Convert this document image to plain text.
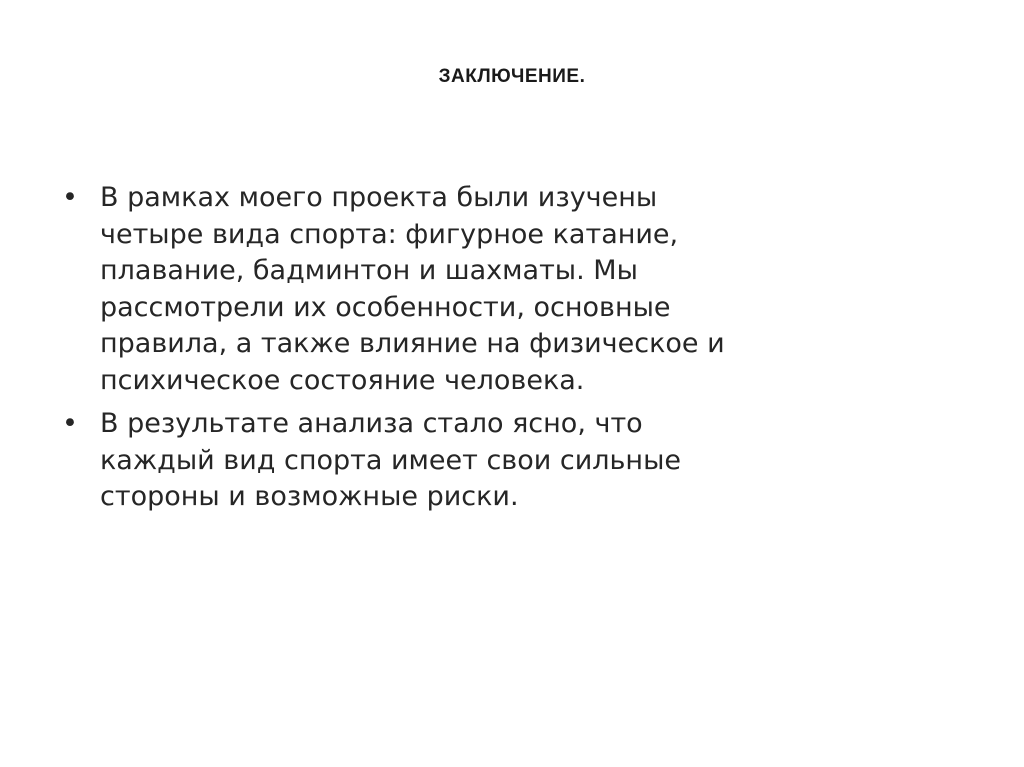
ЗАКЛЮЧЕНИЕ.
• В рамках моего проекта были изучены четыре вида спорта: фигурное катание, плавание, бадминтон и шахматы. Мы рассмотрели их особенности, основные правила, а также влияние на физическое и психическое состояние человека.
• В результате анализа стало ясно, что каждый вид спорта имеет свои сильные стороны и возможные риски.
